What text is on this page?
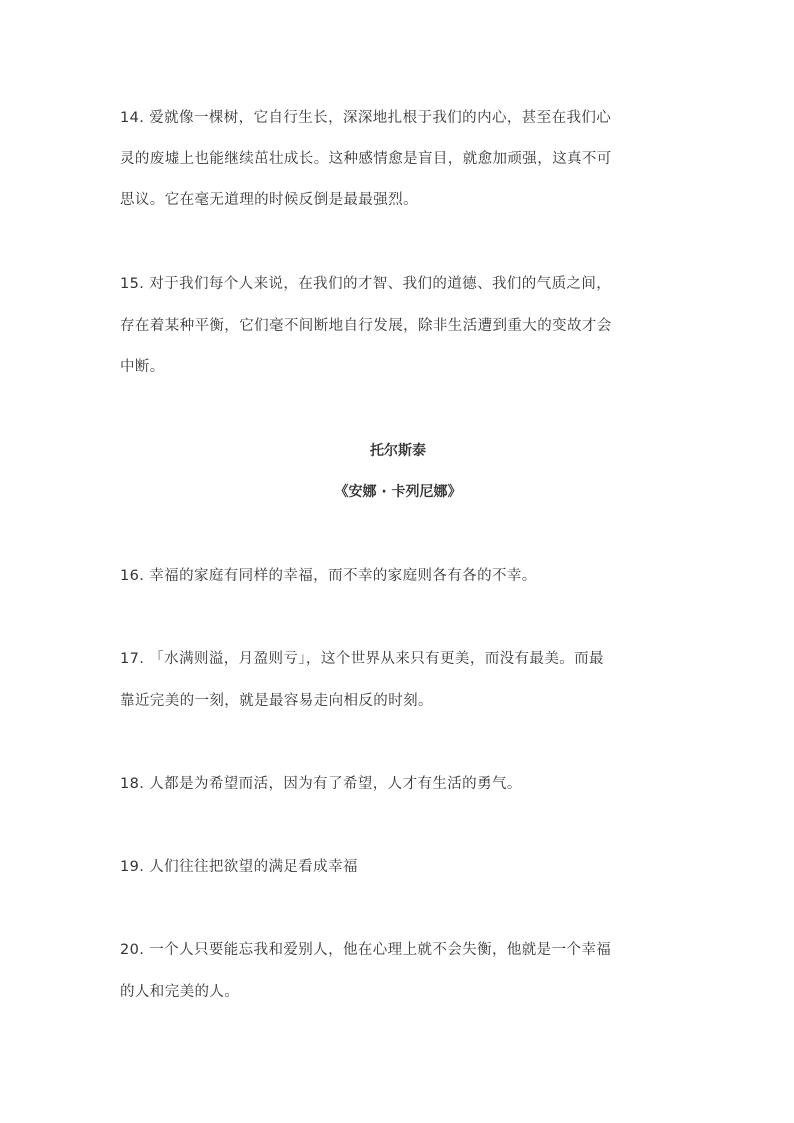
14. 爱就像一棵树，它自行生长，深深地扎根于我们的内心，甚至在我们心
灵的废墟上也能继续茁壮成长。这种感情愈是盲目，就愈加顽强，这真不可
思议。它在毫无道理的时候反倒是最最强烈。
15. 对于我们每个人来说，在我们的才智、我们的道德、我们的气质之间，
存在着某种平衡，它们毫不间断地自行发展，除非生活遭到重大的变故才会
中断。
托尔斯泰
《安娜 · 卡列尼娜》
16. 幸福的家庭有同样的幸福，而不幸的家庭则各有各的不幸。
17. 「水满则溢，月盈则亏」，这个世界从来只有更美，而没有最美。而最
靠近完美的一刻，就是最容易走向相反的时刻。
18. 人都是为希望而活，因为有了希望，人才有生活的勇气。
19. 人们往往把欲望的满足看成幸福
20. 一个人只要能忘我和爱别人，他在心理上就不会失衡，他就是一个幸福
的人和完美的人。
